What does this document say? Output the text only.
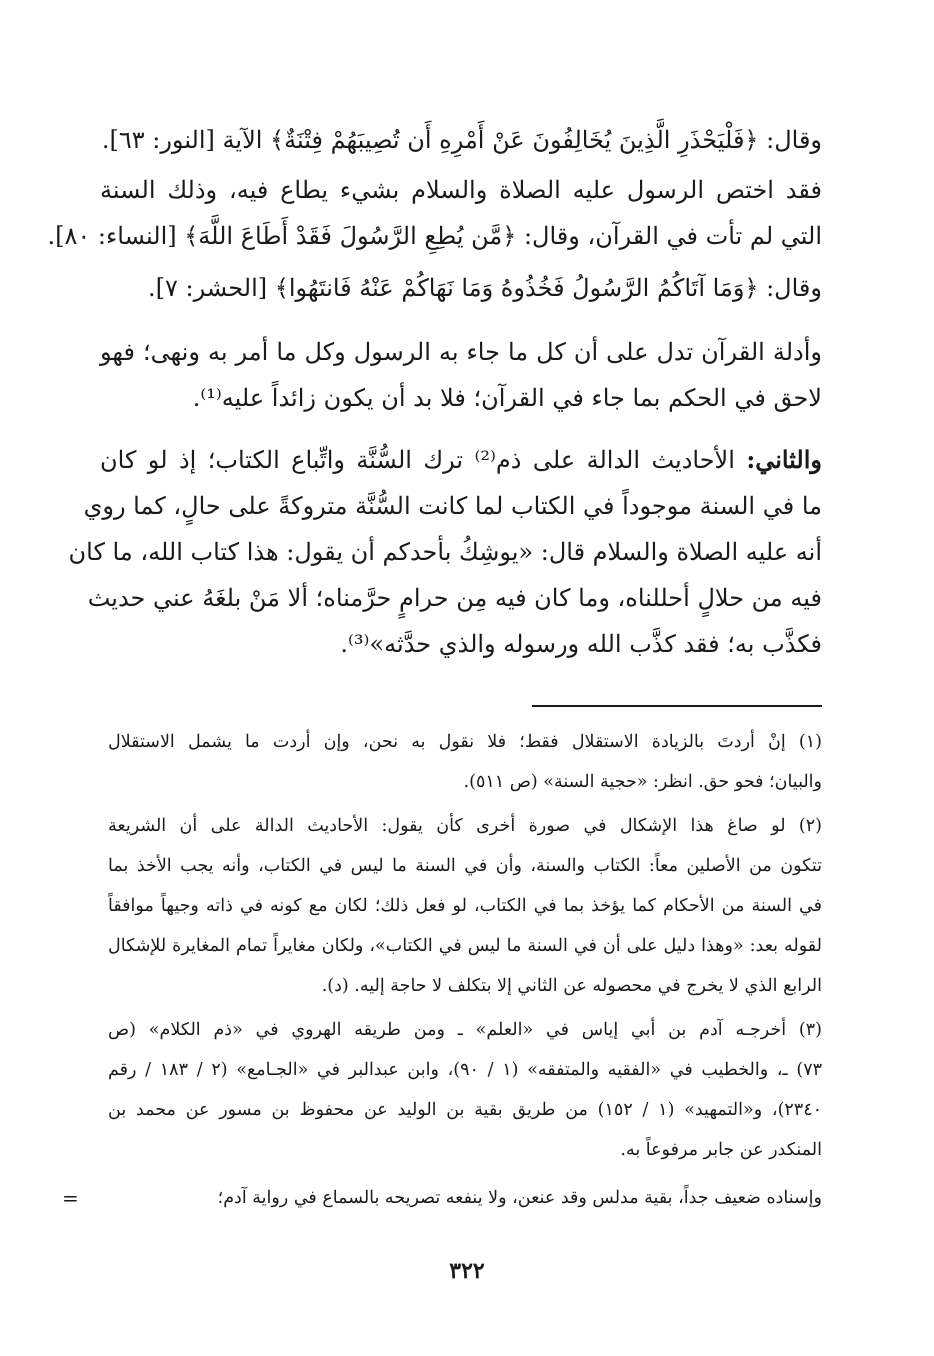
وقال: ﴿فَلْيَحْذَرِ الَّذِينَ يُخَالِفُونَ عَنْ أَمْرِهِ أَن تُصِيبَهُمْ فِتْنَةٌ﴾ الآية [النور: ٦٣].
فقد اختص الرسول عليه الصلاة والسلام بشيء يطاع فيه، وذلك السنة
التي لم تأت في القرآن، وقال: ﴿مَّن يُطِعِ الرَّسُولَ فَقَدْ أَطَاعَ اللَّهَ﴾ [النساء: ٨٠].
وقال: ﴿وَمَا آتَاكُمُ الرَّسُولُ فَخُذُوهُ وَمَا نَهَاكُمْ عَنْهُ فَانتَهُوا﴾ [الحشر: ٧].
وأدلة القرآن تدل على أن كل ما جاء به الرسول وكل ما أمر به ونهى؛ فهو
لاحق في الحكم بما جاء في القرآن؛ فلا بد أن يكون زائداً عليه⁽¹⁾.
والثاني: الأحاديث الدالة على ذم⁽²⁾ ترك السُّنَّة واتِّباع الكتاب؛ إذ لو كان
ما في السنة موجوداً في الكتاب لما كانت السُّنَّة متروكةً على حالٍ، كما روي
أنه عليه الصلاة والسلام قال: «يوشِكُ بأحدكم أن يقول: هذا كتاب الله، ما كان
فيه من حلالٍ أحللناه، وما كان فيه مِن حرامٍ حرَّمناه؛ ألا مَنْ بلغَهُ عني حديث
فكذَّب به؛ فقد كذَّب الله ورسوله والذي حدَّثه»⁽³⁾.
(١) إنْ أردتَ بالزيادة الاستقلال فقط؛ فلا نقول به نحن، وإن أردت ما يشمل الاستقلال
والبيان؛ فحو حق. انظر: «حجية السنة» (ص ٥١١).
(٢) لو صاغ هذا الإشكال في صورة أخرى كأن يقول: الأحاديث الدالة على أن الشريعة
تتكون من الأصلين معاً: الكتاب والسنة، وأن في السنة ما ليس في الكتاب، وأنه يجب الأخذ بما
في السنة من الأحكام كما يؤخذ بما في الكتاب، لو فعل ذلك؛ لكان مع كونه في ذاته وجيهاً موافقاً
لقوله بعد: «وهذا دليل على أن في السنة ما ليس في الكتاب»، ولكان مغايراً تمام المغايرة للإشكال
الرابع الذي لا يخرج في محصوله عن الثاني إلا بتكلف لا حاجة إليه. (د).
(٣) أخرجـه آدم بن أبي إياس في «العلم» ـ ومن طريقه الهروي في «ذم الكلام» (ص
٧٣) ـ، والخطيب في «الفقيه والمتفقه» (١ / ٩٠)، وابن عبدالبر في «الجـامع» (٢ / ١٨٣ / رقم
٢٣٤٠)، و«التمهيد» (١ / ١٥٢) من طريق بقية بن الوليد عن محفوظ بن مسور عن محمد بن
المنكدر عن جابر مرفوعاً به.
وإسناده ضعيف جداً، بقية مدلس وقد عنعن، ولا ينفعه تصريحه بالسماع في رواية آدم؛
=
٣٢٢
